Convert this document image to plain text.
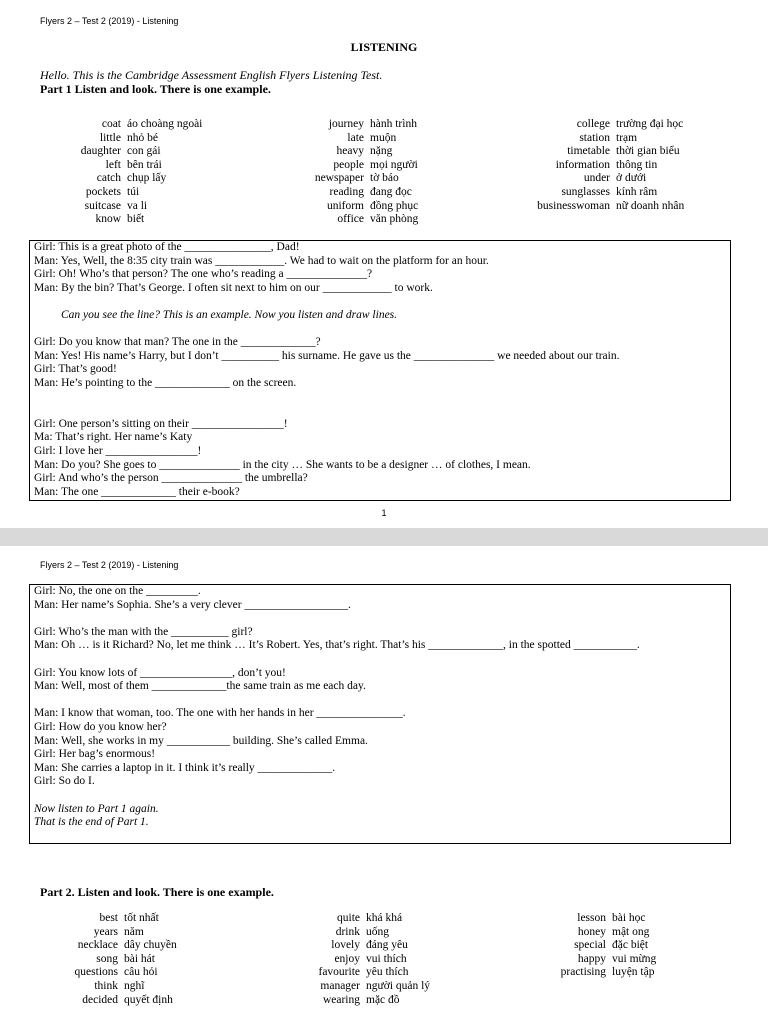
Flyers 2 – Test 2 (2019) - Listening
LISTENING
Hello. This is the Cambridge Assessment English Flyers Listening Test.
Part 1 Listen and look. There is one example.
coat áo choàng ngoài
little nhỏ bé
daughter con gái
left bên trái
catch chụp lấy
pockets túi
suitcase va li
know biết
journey hành trình
late muộn
heavy nặng
people mọi người
newspaper tờ báo
reading đang đọc
uniform đồng phục
office văn phòng
college trường đại học
station trạm
timetable thời gian biểu
information thông tin
under ở dưới
sunglasses kính râm
businesswoman nữ doanh nhân
Girl: This is a great photo of the _______________, Dad!
Man: Yes, Well, the 8:35 city train was ____________. We had to wait on the platform for an hour.
Girl: Oh! Who’s that person? The one who’s reading a ______________?
Man: By the bin? That’s George. I often sit next to him on our ____________ to work.
Can you see the line? This is an example. Now you listen and draw lines.
Girl: Do you know that man? The one in the _____________?
Man: Yes! His name’s Harry, but I don’t __________ his surname. He gave us the ______________ we needed about our train.
Girl: That’s good!
Man: He’s pointing to the _____________ on the screen.
Girl: One person’s sitting on their ________________!
Ma: That’s right. Her name’s Katy
Girl: I love her ________________!
Man: Do you? She goes to ______________ in the city … She wants to be a designer … of clothes, I mean.
Girl: And who’s the person ______________ the umbrella?
Man: The one _____________ their e-book?
1
Flyers 2 – Test 2 (2019) - Listening
Girl: No, the one on the _________.
Man: Her name’s Sophia. She’s a very clever __________________.
Girl: Who’s the man with the __________ girl?
Man: Oh … is it Richard? No, let me think … It’s Robert. Yes, that’s right. That’s his _____________, in the spotted ___________.
Girl: You know lots of ________________, don’t you!
Man: Well, most of them _____________the same train as me each day.
Man: I know that woman, too. The one with her hands in her _______________.
Girl: How do you know her?
Man: Well, she works in my ___________ building. She’s called Emma.
Girl: Her bag’s enormous!
Man: She carries a laptop in it. I think it’s really _____________.
Girl: So do I.
Now listen to Part 1 again.
That is the end of Part 1.
Part 2. Listen and look. There is one example.
best tốt nhất
years năm
necklace dây chuyền
song bài hát
questions câu hỏi
think nghĩ
decided quyết định
quite khá khá
drink uống
lovely đáng yêu
enjoy vui thích
favourite yêu thích
manager người quản lý
wearing mặc đồ
lesson bài học
honey mật ong
special đặc biệt
happy vui mừng
practising luyện tập
